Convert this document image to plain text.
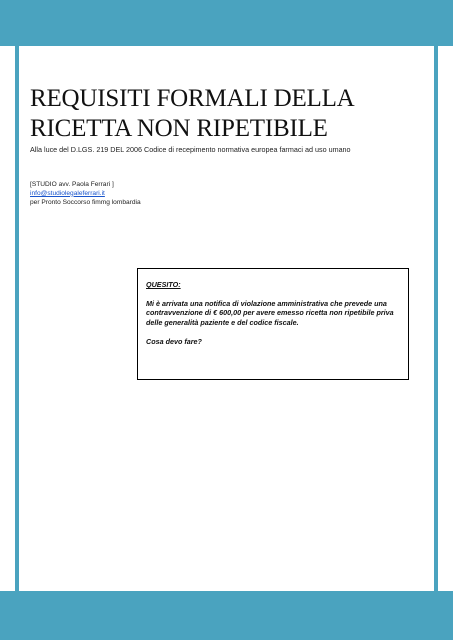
REQUISITI FORMALI DELLA
RICETTA NON RIPETIBILE

Alla luce del D.LGS. 219 DEL 2006 Codice di recepimento normativa europea farmaci ad uso umano

[STUDIO avv. Paola Ferrari ]
info@studiolegaleferrari.it
per Pronto Soccorso fimmg lombardia

QUESITO:

Mi è arrivata una notifica di violazione amministrativa che prevede una contravvenzione di € 600,00 per avere emesso ricetta non ripetibile priva delle generalità paziente e del codice fiscale.

Cosa devo fare?
